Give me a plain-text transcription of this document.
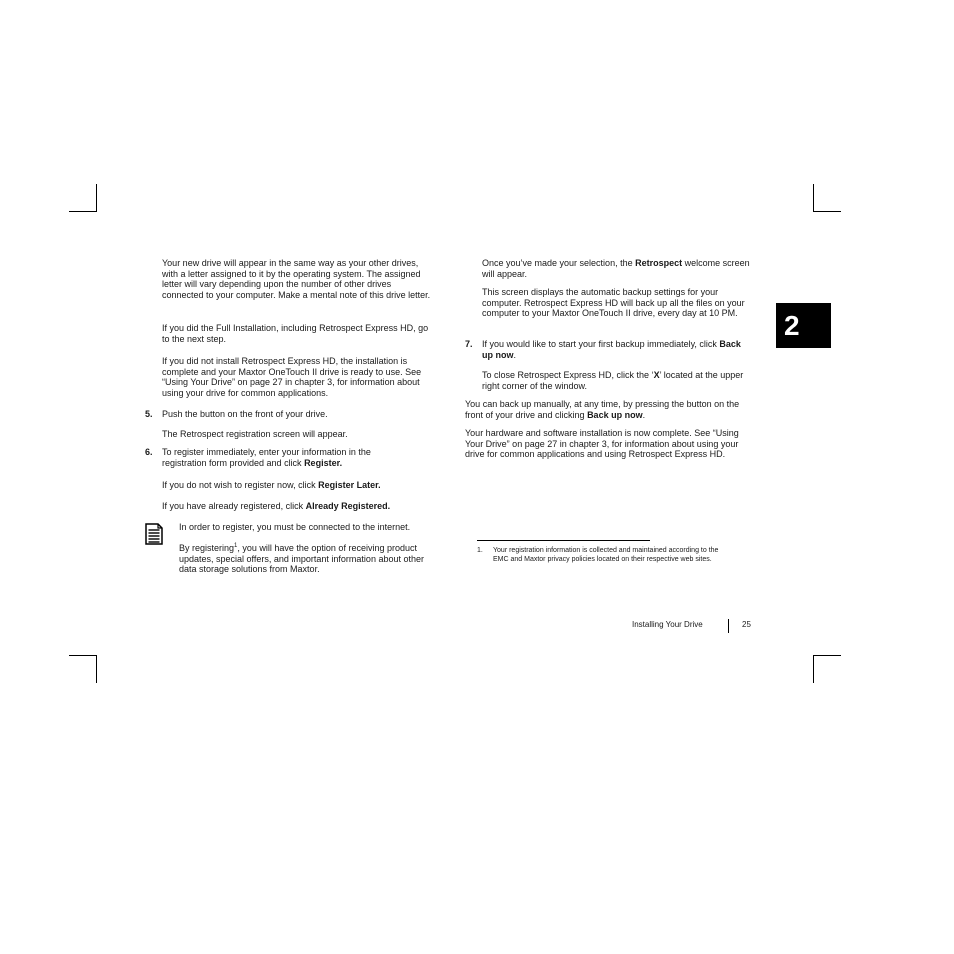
2

Your new drive will appear in the same way as your other drives, with a letter assigned to it by the operating system. The assigned letter will vary depending upon the number of other drives connected to your computer. Make a mental note of this drive letter.

If you did the Full Installation, including Retrospect Express HD, go to the next step.

If you did not install Retrospect Express HD, the installation is complete and your Maxtor OneTouch II drive is ready to use. See “Using Your Drive” on page 27 in chapter 3, for information about using your drive for common applications.

5. Push the button on the front of your drive.

The Retrospect registration screen will appear.

6. To register immediately, enter your information in the registration form provided and click Register.

If you do not wish to register now, click Register Later.

If you have already registered, click Already Registered.

In order to register, you must be connected to the internet.

By registering$^1$, you will have the option of receiving product updates, special offers, and important information about other data storage solutions from Maxtor.

Once you’ve made your selection, the Retrospect welcome screen will appear.

This screen displays the automatic backup settings for your computer. Retrospect Express HD will back up all the files on your computer to your Maxtor OneTouch II drive, every day at 10 PM.

7. If you would like to start your first backup immediately, click Back up now.

To close Retrospect Express HD, click the ‘X’ located at the upper right corner of the window.

You can back up manually, at any time, by pressing the button on the front of your drive and clicking Back up now.

Your hardware and software installation is now complete. See “Using Your Drive” on page 27 in chapter 3, for information about using your drive for common applications and using Retrospect Express HD.

1. Your registration information is collected and maintained according to the EMC and Maxtor privacy policies located on their respective web sites.

Installing Your Drive	25
